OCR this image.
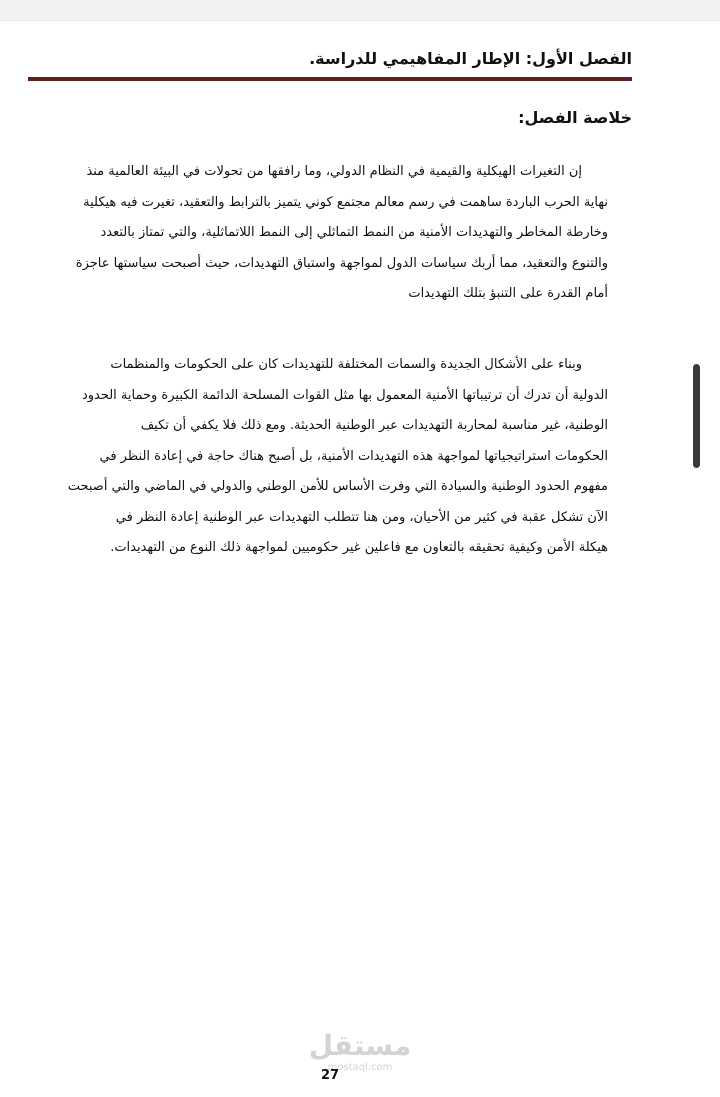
الفصل الأول: الإطار المفاهيمي للدراسة.
خلاصة الفصل:
إن التغيرات الهيكلية والقيمية في النظام الدولي، وما رافقها من تحولات في البيئة العالمية منذ
نهاية الحرب الباردة ساهمت في رسم معالم مجتمع كوني يتميز بالترابط والتعقيد، تغيرت فيه هيكلية
وخارطة المخاطر والتهديدات الأمنية من النمط التماثلي إلى النمط اللاتماثلية، والتي تمتاز بالتعدد
والتنوع والتعقيد، مما أربك سياسات الدول لمواجهة واستباق التهديدات، حيث أصبحت سياستها عاجزة
أمام القدرة على التنبؤ بتلك التهديدات
وبناء على الأشكال الجديدة والسمات المختلفة للتهديدات كان على الحكومات والمنظمات
الدولية أن تدرك أن ترتيباتها الأمنية المعمول بها مثل القوات المسلحة الدائمة الكبيرة وحماية الحدود
الوطنية، غير مناسبة لمحاربة التهديدات عبر الوطنية الحديثة. ومع ذلك فلا يكفي أن تكيف
الحكومات استراتيجياتها لمواجهة هذه التهديدات الأمنية، بل أصبح هناك حاجة في إعادة النظر في
مفهوم الحدود الوطنية والسيادة التي وفرت الأساس للأمن الوطني والدولي في الماضي والتي أصبحت
الآن تشكل عقبة في كثير من الأحيان، ومن هنا تتطلب التهديدات عبر الوطنية إعادة النظر في
هيكلة الأمن وكيفية تحقيقه بالتعاون مع فاعلين غير حكوميين لمواجهة ذلك النوع من التهديدات.
مستقل
mostaql.com
27
